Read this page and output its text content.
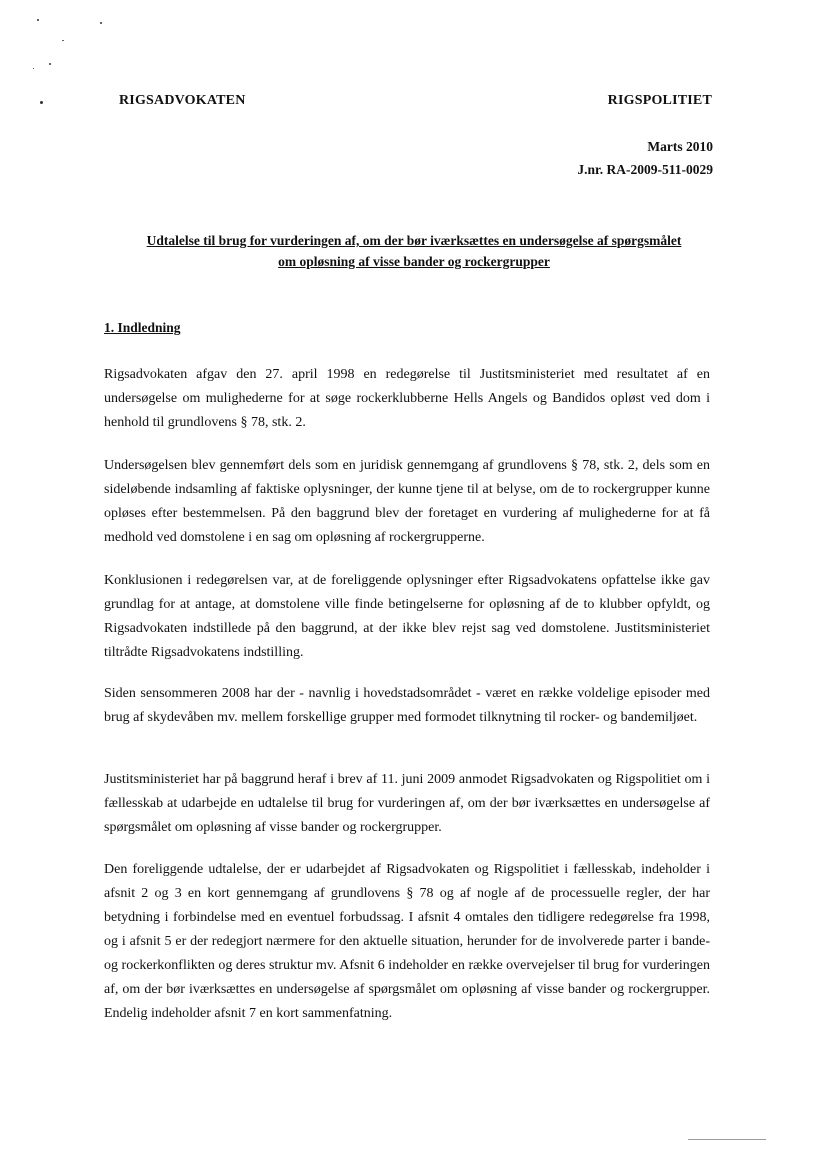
RIGSADVOKATEN	RIGSPOLITIET
Marts 2010
J.nr. RA-2009-511-0029
Udtalelse til brug for vurderingen af, om der bør iværksættes en undersøgelse af spørgsmålet
om opløsning af visse bander og rockergrupper
1. Indledning
Rigsadvokaten afgav den 27. april 1998 en redegørelse til Justitsministeriet med resultatet af en undersøgelse om mulighederne for at søge rockerklubberne Hells Angels og Bandidos opløst ved dom i henhold til grundlovens § 78, stk. 2.
Undersøgelsen blev gennemført dels som en juridisk gennemgang af grundlovens § 78, stk. 2, dels som en sideløbende indsamling af faktiske oplysninger, der kunne tjene til at belyse, om de to rockergrupper kunne opløses efter bestemmelsen. På den baggrund blev der foretaget en vurdering af mulighederne for at få medhold ved domstolene i en sag om opløsning af rockergrupperne.
Konklusionen i redegørelsen var, at de foreliggende oplysninger efter Rigsadvokatens opfattelse ikke gav grundlag for at antage, at domstolene ville finde betingelserne for opløsning af de to klubber opfyldt, og Rigsadvokaten indstillede på den baggrund, at der ikke blev rejst sag ved domstolene. Justitsministeriet tiltrådte Rigsadvokatens indstilling.
Siden sensommeren 2008 har der - navnlig i hovedstadsområdet - været en række voldelige episoder med brug af skydevåben mv. mellem forskellige grupper med formodet tilknytning til rocker- og bandemiljøet.
Justitsministeriet har på baggrund heraf i brev af 11. juni 2009 anmodet Rigsadvokaten og Rigspolitiet om i fællesskab at udarbejde en udtalelse til brug for vurderingen af, om der bør iværksættes en undersøgelse af spørgsmålet om opløsning af visse bander og rockergrupper.
Den foreliggende udtalelse, der er udarbejdet af Rigsadvokaten og Rigspolitiet i fællesskab, indeholder i afsnit 2 og 3 en kort gennemgang af grundlovens § 78 og af nogle af de processuelle regler, der har betydning i forbindelse med en eventuel forbudssag. I afsnit 4 omtales den tidligere redegørelse fra 1998, og i afsnit 5 er der redegjort nærmere for den aktuelle situation, herunder for de involverede parter i bande- og rockerkonflikten og deres struktur mv. Afsnit 6 indeholder en række overvejelser til brug for vurderingen af, om der bør iværksættes en undersøgelse af spørgsmålet om opløsning af visse bander og rockergrupper. Endelig indeholder afsnit 7 en kort sammenfatning.
